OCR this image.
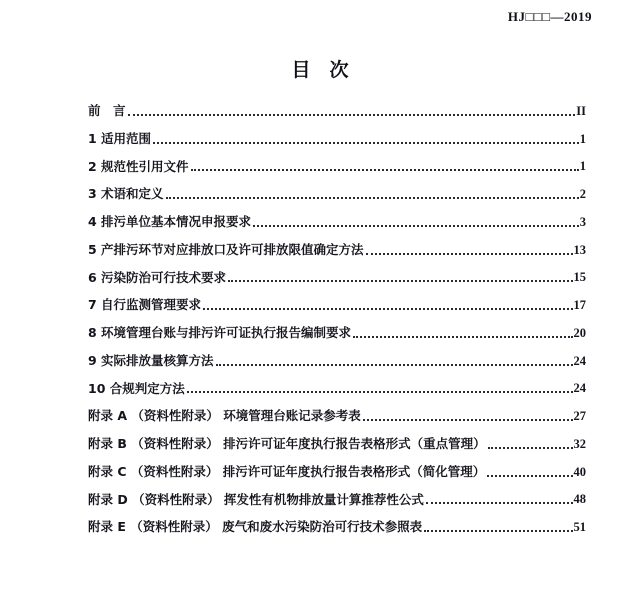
HJ□□□—2019
目　次
前　言	II
1 适用范围	1
2 规范性引用文件	1
3 术语和定义	2
4 排污单位基本情况申报要求	3
5 产排污环节对应排放口及许可排放限值确定方法	13
6 污染防治可行技术要求	15
7 自行监测管理要求	17
8 环境管理台账与排污许可证执行报告编制要求	20
9 实际排放量核算方法	24
10 合规判定方法	24
附录 A （资料性附录） 环境管理台账记录参考表	27
附录 B （资料性附录） 排污许可证年度执行报告表格形式（重点管理）	32
附录 C （资料性附录） 排污许可证年度执行报告表格形式（简化管理）	40
附录 D （资料性附录） 挥发性有机物排放量计算推荐性公式	48
附录 E （资料性附录） 废气和废水污染防治可行技术参照表	51
